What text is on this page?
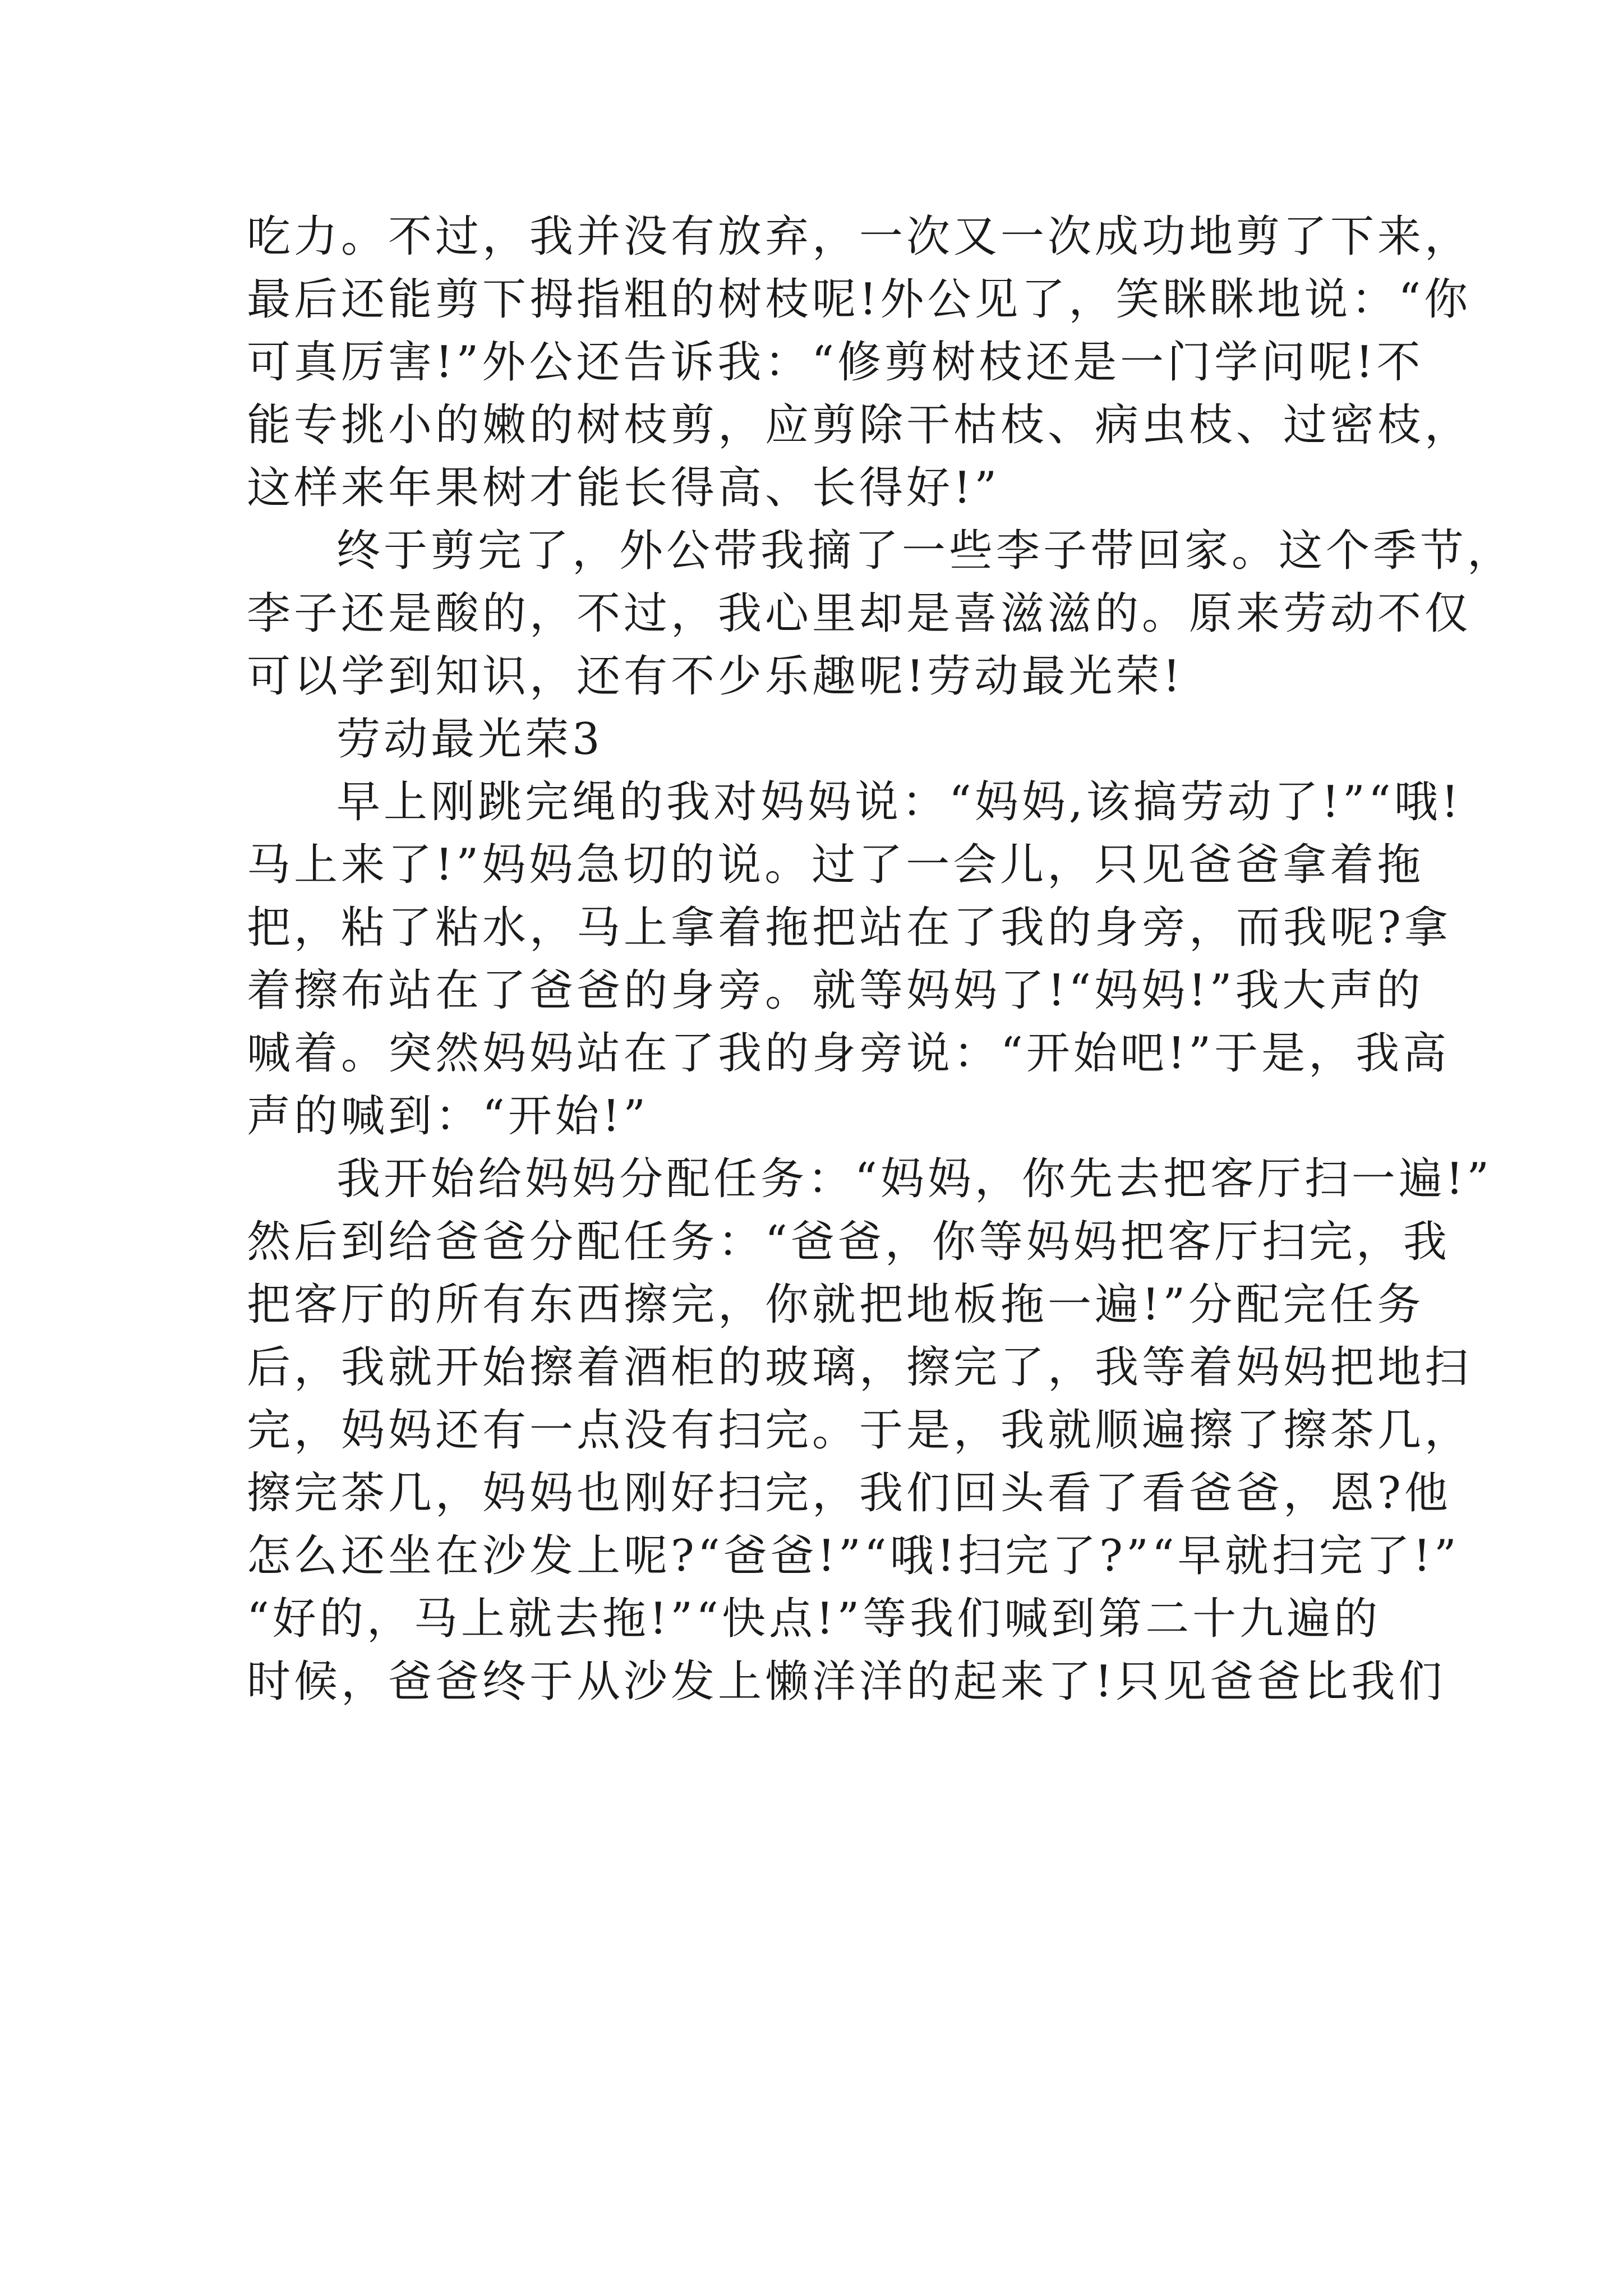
吃力。不过，我并没有放弃，一次又一次成功地剪了下来，
最后还能剪下拇指粗的树枝呢!外公见了，笑眯眯地说：“你
可真厉害!”外公还告诉我：“修剪树枝还是一门学问呢!不
能专挑小的嫩的树枝剪，应剪除干枯枝、病虫枝、过密枝，
这样来年果树才能长得高、长得好!”
终于剪完了，外公带我摘了一些李子带回家。这个季节，
李子还是酸的，不过，我心里却是喜滋滋的。原来劳动不仅
可以学到知识，还有不少乐趣呢!劳动最光荣!
劳动最光荣3
早上刚跳完绳的我对妈妈说：“妈妈,该搞劳动了!”“哦!
马上来了!”妈妈急切的说。过了一会儿，只见爸爸拿着拖
把，粘了粘水，马上拿着拖把站在了我的身旁，而我呢?拿
着擦布站在了爸爸的身旁。就等妈妈了!“妈妈!”我大声的
喊着。突然妈妈站在了我的身旁说：“开始吧!”于是，我高
声的喊到：“开始!”
我开始给妈妈分配任务：“妈妈，你先去把客厅扫一遍!”
然后到给爸爸分配任务：“爸爸，你等妈妈把客厅扫完，我
把客厅的所有东西擦完，你就把地板拖一遍!”分配完任务
后，我就开始擦着酒柜的玻璃，擦完了，我等着妈妈把地扫
完，妈妈还有一点没有扫完。于是，我就顺遍擦了擦茶几，
擦完茶几，妈妈也刚好扫完，我们回头看了看爸爸，恩?他
怎么还坐在沙发上呢?“爸爸!”“哦!扫完了?”“早就扫完了!”
“好的，马上就去拖!”“快点!”等我们喊到第二十九遍的
时候，爸爸终于从沙发上懒洋洋的起来了!只见爸爸比我们
